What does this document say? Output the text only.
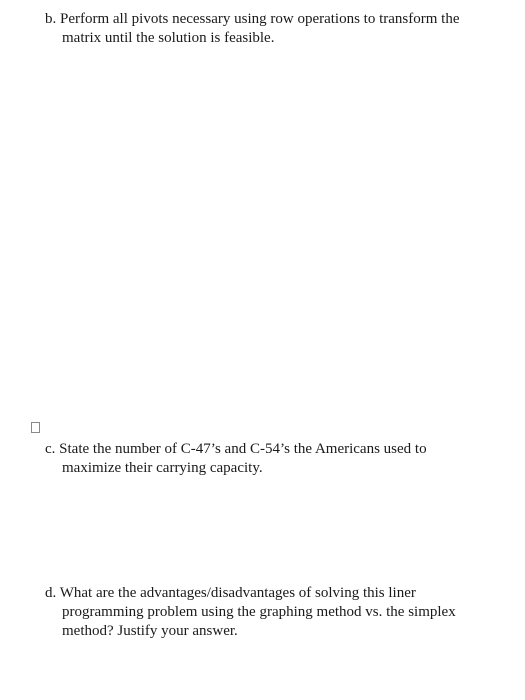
b. Perform all pivots necessary using row operations to transform the
matrix until the solution is feasible.
c. State the number of C-47’s and C-54’s the Americans used to
maximize their carrying capacity.
d. What are the advantages/disadvantages of solving this liner
programming problem using the graphing method vs. the simplex
method? Justify your answer.
